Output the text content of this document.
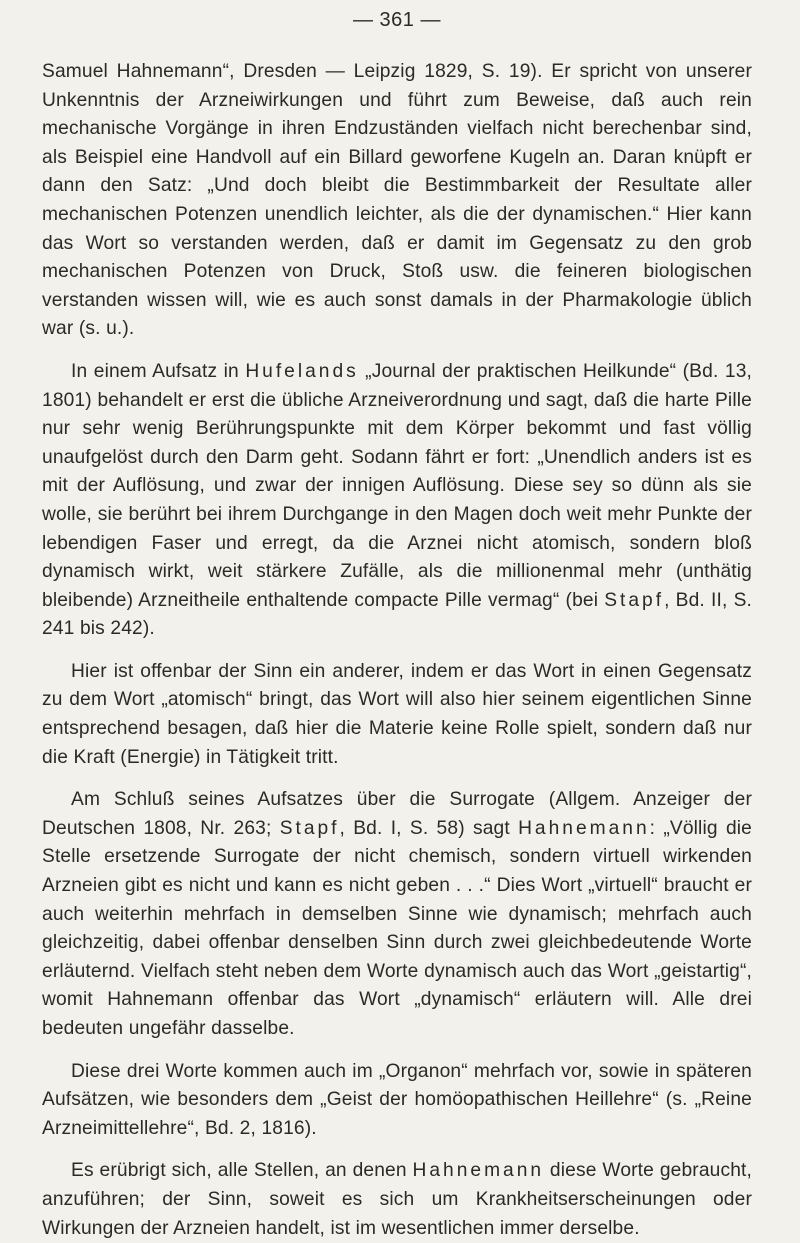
— 361 —

Samuel Hahnemann“, Dresden — Leipzig 1829, S. 19). Er spricht von unserer Unkenntnis der Arzneiwirkungen und führt zum Beweise, daß auch rein mechanische Vorgänge in ihren Endzuständen vielfach nicht berechenbar sind, als Beispiel eine Handvoll auf ein Billard geworfene Kugeln an. Daran knüpft er dann den Satz: „Und doch bleibt die Bestimmbarkeit der Resultate aller mechanischen Potenzen unendlich leichter, als die der dynamischen.“ Hier kann das Wort so verstanden werden, daß er damit im Gegensatz zu den grob mechanischen Potenzen von Druck, Stoß usw. die feineren biologischen verstanden wissen will, wie es auch sonst damals in der Pharmakologie üblich war (s. u.).

In einem Aufsatz in Hufelands „Journal der praktischen Heilkunde“ (Bd. 13, 1801) behandelt er erst die übliche Arzneiverordnung und sagt, daß die harte Pille nur sehr wenig Berührungspunkte mit dem Körper bekommt und fast völlig unaufgelöst durch den Darm geht. Sodann fährt er fort: „Unendlich anders ist es mit der Auflösung, und zwar der innigen Auflösung. Diese sey so dünn als sie wolle, sie berührt bei ihrem Durchgange in den Magen doch weit mehr Punkte der lebendigen Faser und erregt, da die Arznei nicht atomisch, sondern bloß dynamisch wirkt, weit stärkere Zufälle, als die millionenmal mehr (unthätig bleibende) Arzneitheile enthaltende compacte Pille vermag“ (bei Stapf, Bd. II, S. 241 bis 242).

Hier ist offenbar der Sinn ein anderer, indem er das Wort in einen Gegensatz zu dem Wort „atomisch“ bringt, das Wort will also hier seinem eigentlichen Sinne entsprechend besagen, daß hier die Materie keine Rolle spielt, sondern daß nur die Kraft (Energie) in Tätigkeit tritt.

Am Schluß seines Aufsatzes über die Surrogate (Allgem. Anzeiger der Deutschen 1808, Nr. 263; Stapf, Bd. I, S. 58) sagt Hahnemann: „Völlig die Stelle ersetzende Surrogate der nicht chemisch, sondern virtuell wirkenden Arzneien gibt es nicht und kann es nicht geben . . .“ Dies Wort „virtuell“ braucht er auch weiterhin mehrfach in demselben Sinne wie dynamisch; mehrfach auch gleichzeitig, dabei offenbar denselben Sinn durch zwei gleichbedeutende Worte erläuternd. Vielfach steht neben dem Worte dynamisch auch das Wort „geistartig“, womit Hahnemann offenbar das Wort „dynamisch“ erläutern will. Alle drei bedeuten ungefähr dasselbe.

Diese drei Worte kommen auch im „Organon“ mehrfach vor, sowie in späteren Aufsätzen, wie besonders dem „Geist der homöopathischen Heillehre“ (s. „Reine Arzneimittellehre“, Bd. 2, 1816).

Es erübrigt sich, alle Stellen, an denen Hahnemann diese Worte gebraucht, anzuführen; der Sinn, soweit es sich um Krankheitserscheinungen oder Wirkungen der Arzneien handelt, ist im wesentlichen immer derselbe.
